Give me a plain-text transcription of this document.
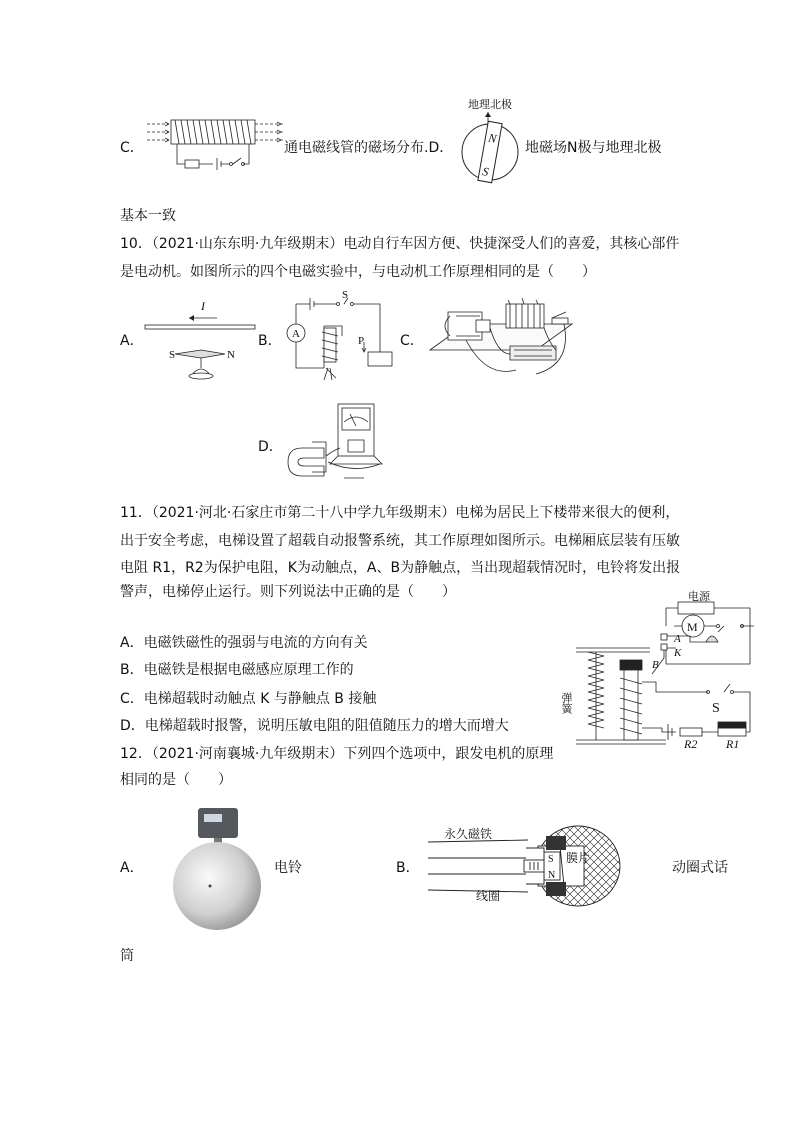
C．	通电磁线管的磁场分布.D．
地理北极
N
S
地磁场N极与地理北极
基本一致
10．（2021·山东东明·九年级期末）电动自行车因方便、快捷深受人们的喜爱，其核心部件
是电动机。如图所示的四个电磁实验中，与电动机工作原理相同的是（　　）
A．
I
S	N
B． A
S
P	C．
D．
11．（2021·河北·石家庄市第二十八中学九年级期末）电梯为居民上下楼带来很大的便利，
出于安全考虑，电梯设置了超载自动报警系统，其工作原理如图所示。电梯厢底层装有压敏
电阻 R1，R2为保护电阻，K为动触点，A、B为静触点，当出现超载情况时，电铃将发出报
警声，电梯停止运行。则下列说法中正确的是（　　）
A．电磁铁磁性的强弱与电流的方向有关
B．电磁铁是根据电磁感应原理工作的
C．电梯超载时动触点 K 与静触点 B 接触
D．电梯超载时报警，说明压敏电阻的阻值随压力的增大而增大
电源
M
A
K
B
弹簧	S
R2 R1
12．（2021·河南襄城·九年级期末）下列四个选项中，跟发电机的原理
相同的是（　　）
A．	电铃	B．
S
N
永久磁铁
线圈
膜片
动圈式话
筒
